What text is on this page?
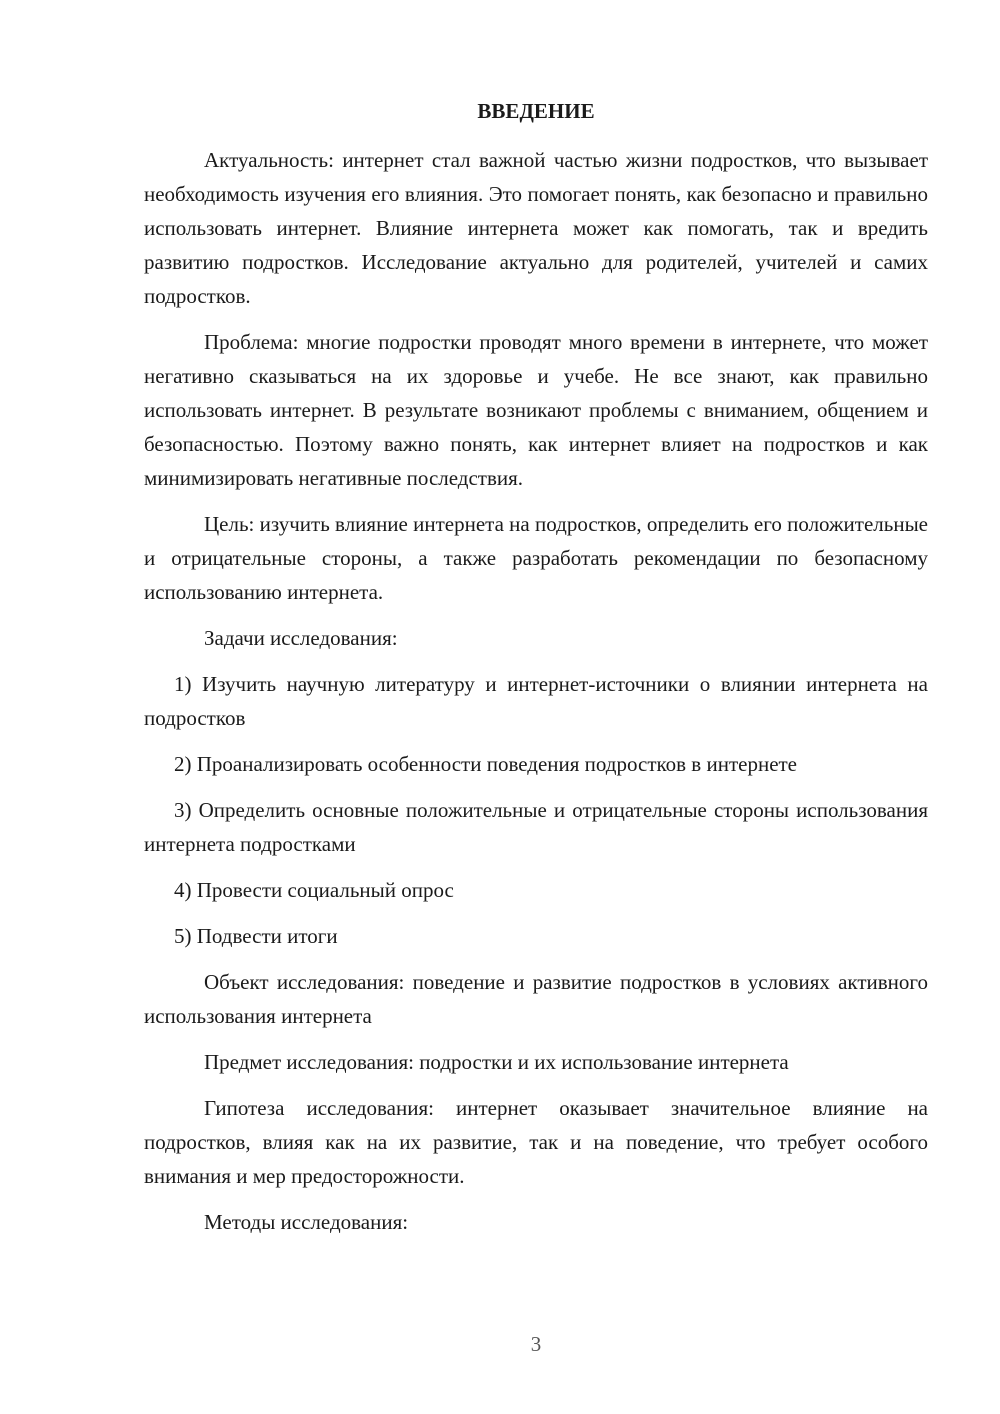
ВВЕДЕНИЕ

Актуальность: интернет стал важной частью жизни подростков, что вызывает необходимость изучения его влияния. Это помогает понять, как безопасно и правильно использовать интернет. Влияние интернета может как помогать, так и вредить развитию подростков. Исследование актуально для родителей, учителей и самих подростков.

Проблема: многие подростки проводят много времени в интернете, что может негативно сказываться на их здоровье и учебе. Не все знают, как правильно использовать интернет. В результате возникают проблемы с вниманием, общением и безопасностью. Поэтому важно понять, как интернет влияет на подростков и как минимизировать негативные последствия.

Цель: изучить влияние интернета на подростков, определить его положительные и отрицательные стороны, а также разработать рекомендации по безопасному использованию интернета.

Задачи исследования:

1) Изучить научную литературу и интернет-источники о влиянии интернета на подростков

2) Проанализировать особенности поведения подростков в интернете

3) Определить основные положительные и отрицательные стороны использования интернета подростками

4) Провести социальный опрос

5) Подвести итоги

Объект исследования: поведение и развитие подростков в условиях активного использования интернета

Предмет исследования: подростки и их использование интернета

Гипотеза исследования: интернет оказывает значительное влияние на подростков, влияя как на их развитие, так и на поведение, что требует особого внимания и мер предосторожности.

Методы исследования:

3
